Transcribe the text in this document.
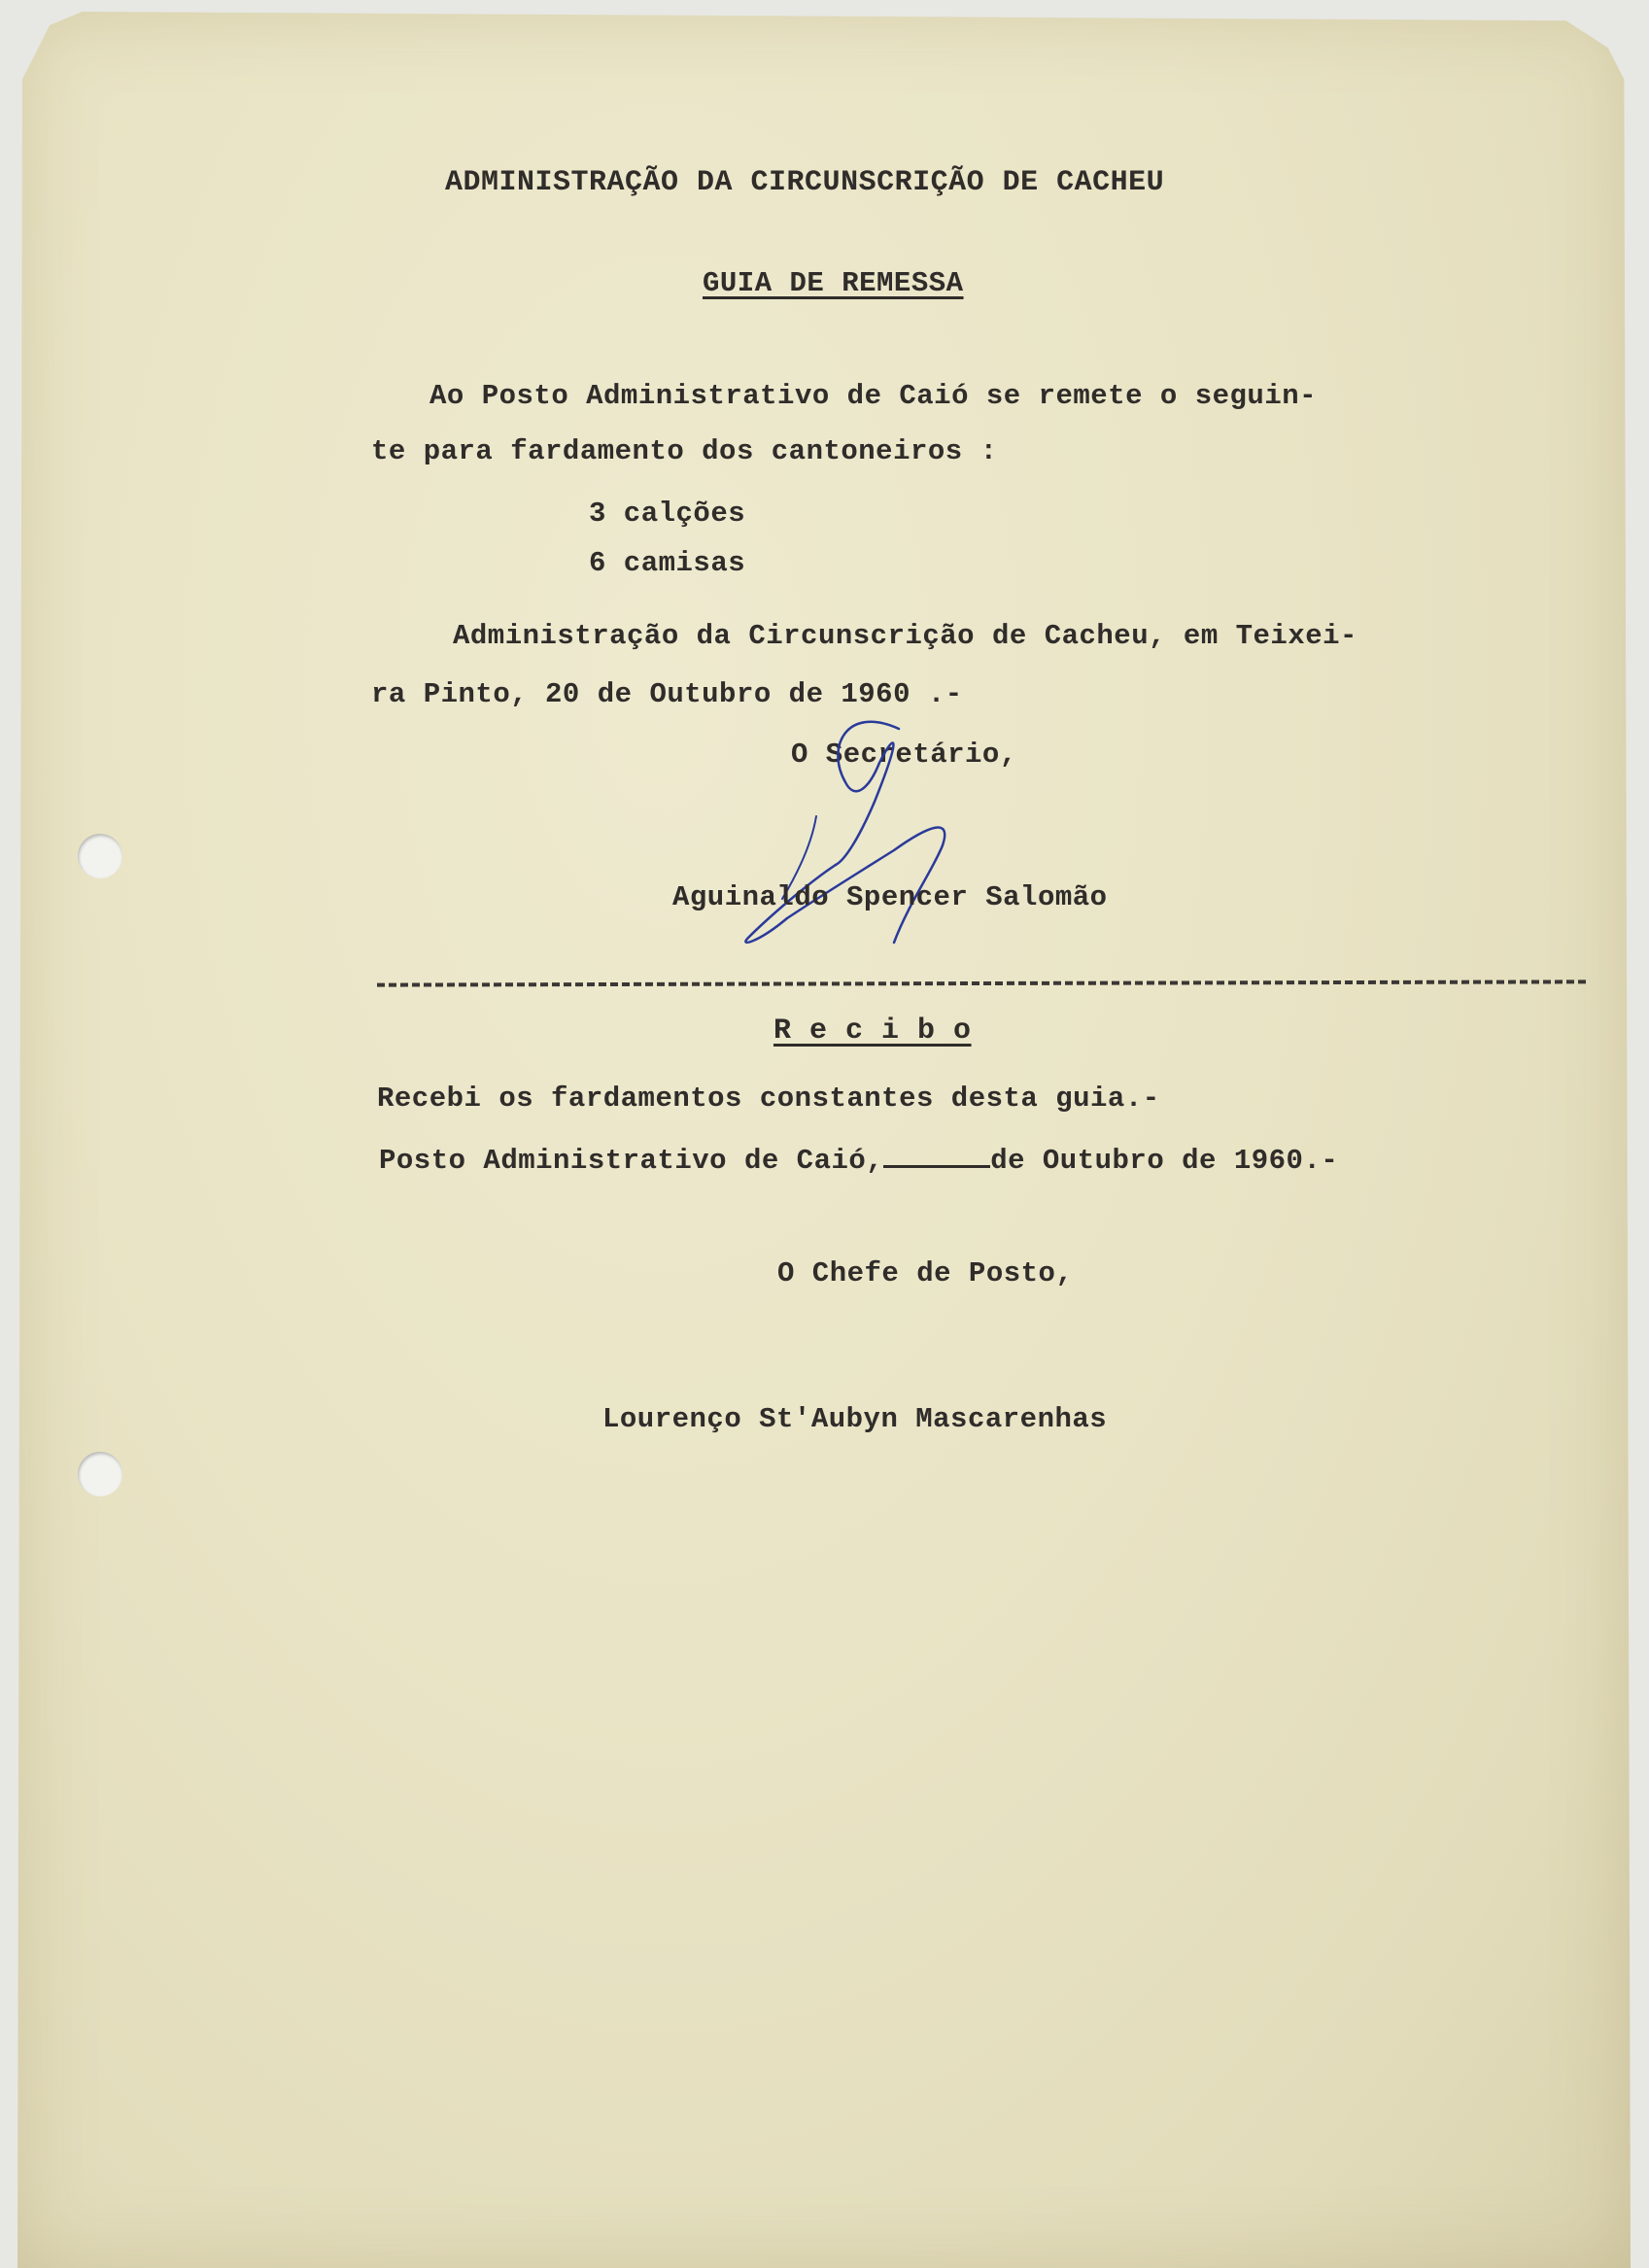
ADMINISTRAÇÃO DA CIRCUNSCRIÇÃO DE CACHEU
GUIA DE REMESSA
Ao Posto Administrativo de Caió se remete o seguin-
te para fardamento dos cantoneiros :
3 calções
6 camisas
Administração da Circunscrição de Cacheu, em Teixei-
ra Pinto, 20 de Outubro de 1960 .-
O Secretário,
Aguinaldo Spencer Salomão
R e c i b o
Recebi os fardamentos constantes desta guia.-
Posto Administrativo de Caió,	de Outubro de 1960.-
O Chefe de Posto,
Lourenço St'Aubyn Mascarenhas
